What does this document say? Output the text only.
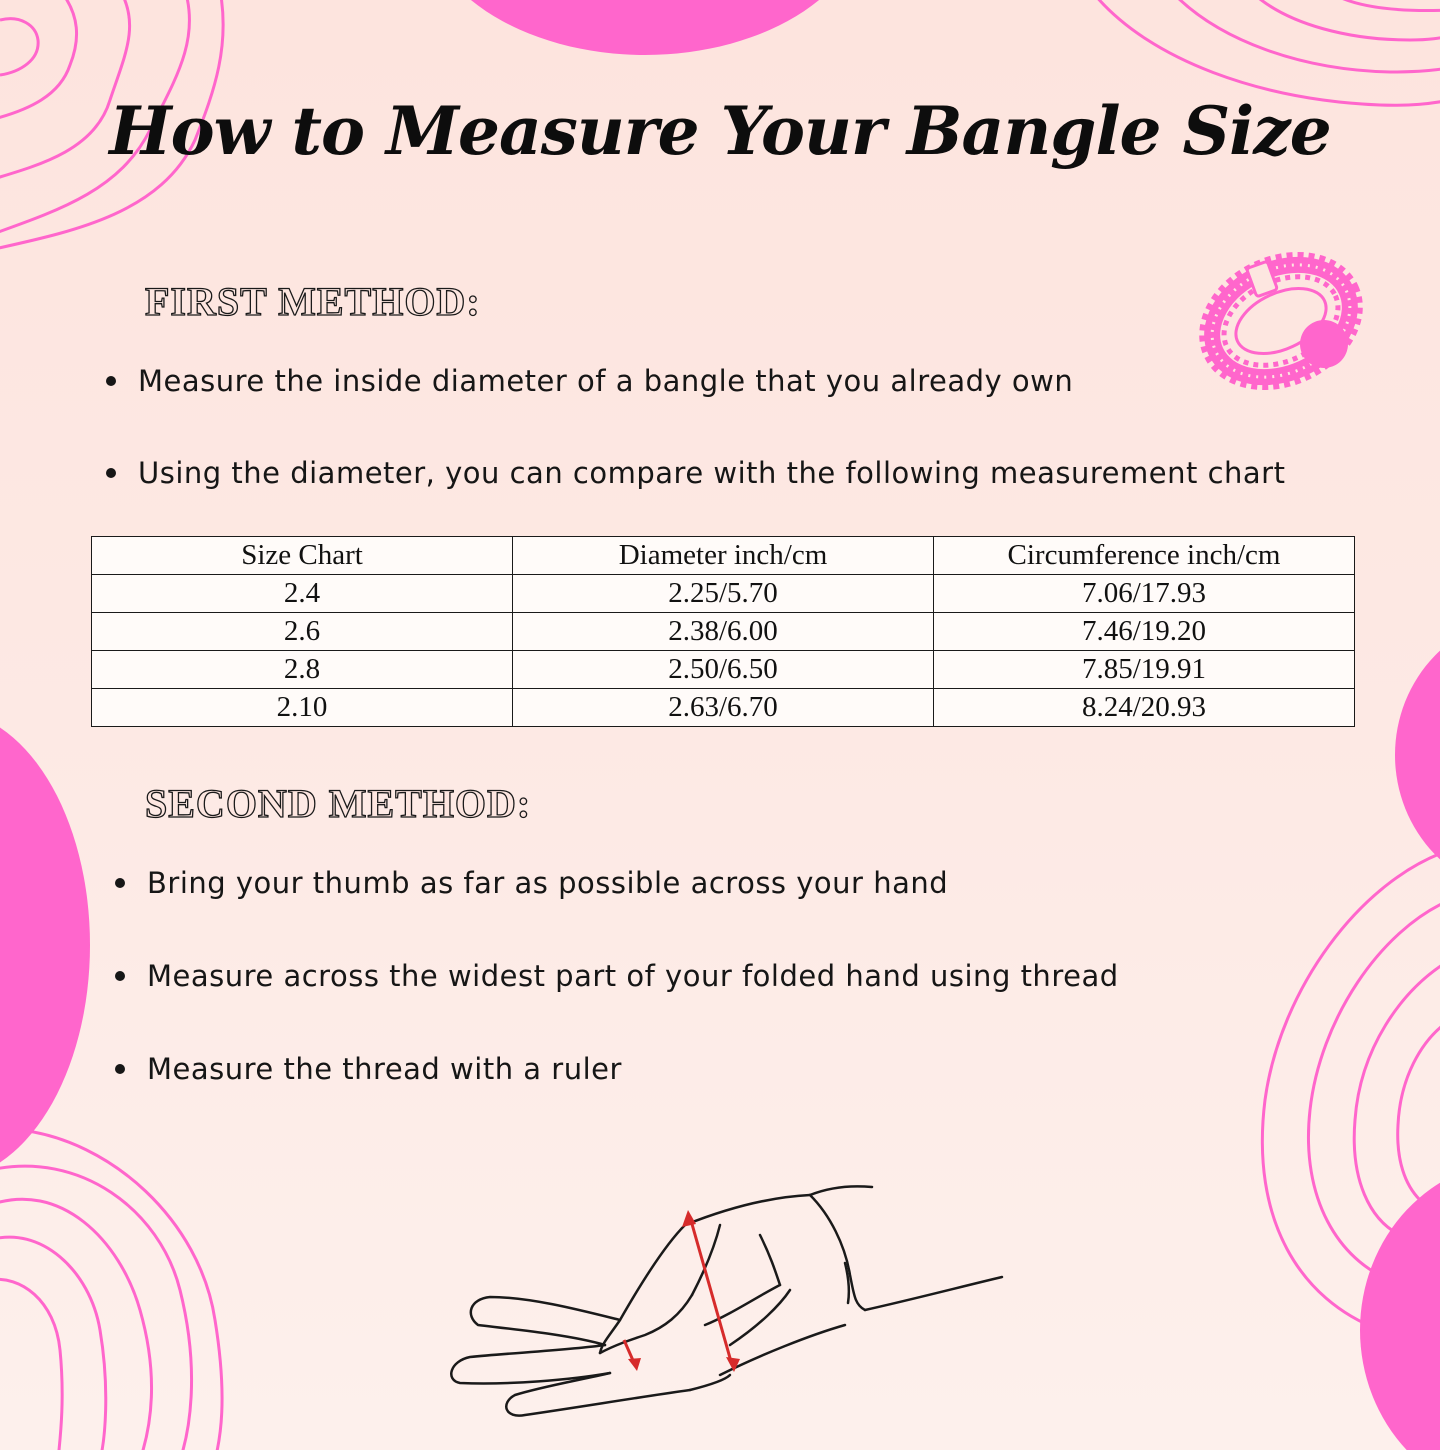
How to Measure Your Bangle Size
FIRST METHOD:
Measure the inside diameter of a bangle that you already own
Using the diameter, you can compare with the following measurement chart
Size Chart	Diameter inch/cm	Circumference inch/cm
2.4	2.25/5.70	7.06/17.93
2.6	2.38/6.00	7.46/19.20
2.8	2.50/6.50	7.85/19.91
2.10	2.63/6.70	8.24/20.93
SECOND METHOD:
Bring your thumb as far as possible across your hand
Measure across the widest part of your folded hand using thread
Measure the thread with a ruler
